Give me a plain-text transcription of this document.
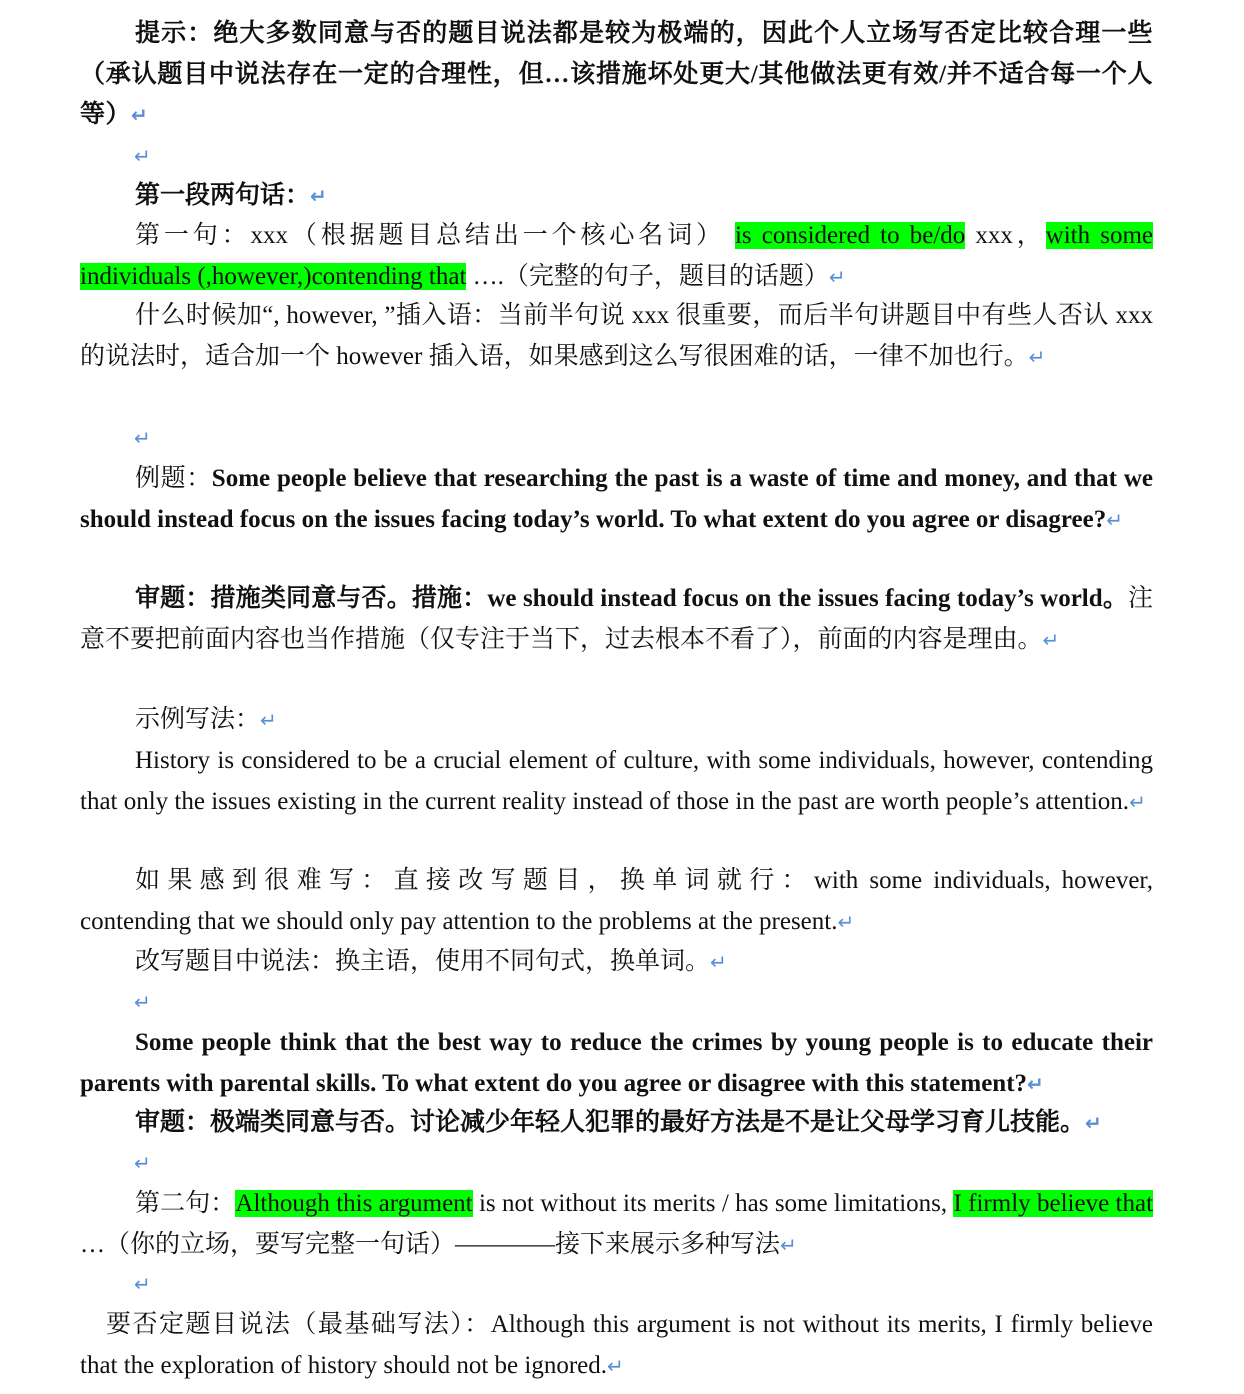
提示：绝大多数同意与否的题目说法都是较为极端的，因此个人立场写否定比较合理一些（承认题目中说法存在一定的合理性，但…该措施坏处更大/其他做法更有效/并不适合每一个人等）↵
↵
第一段两句话：↵
第一句：xxx（根据题目总结出一个核心名词） is considered to be/do xxx，with some individuals (,however,)contending that ….（完整的句子，题目的话题）↵
什么时候加“, however, ”插入语：当前半句说 xxx 很重要，而后半句讲题目中有些人否认 xxx 的说法时，适合加一个 however 插入语，如果感到这么写很困难的话，一律不加也行。↵
↵
例题：Some people believe that researching the past is a waste of time and money, and that we should instead focus on the issues facing today’s world. To what extent do you agree or disagree?↵
审题：措施类同意与否。措施：we should instead focus on the issues facing today’s world。注意不要把前面内容也当作措施（仅专注于当下，过去根本不看了），前面的内容是理由。↵
示例写法：↵
History is considered to be a crucial element of culture, with some individuals, however, contending that only the issues existing in the current reality instead of those in the past are worth people’s attention.↵
如果感到很难写：直接改写题目，换单词就行：with some individuals, however, contending that we should only pay attention to the problems at the present.↵
改写题目中说法：换主语，使用不同句式，换单词。↵
↵
Some people think that the best way to reduce the crimes by young people is to educate their parents with parental skills. To what extent do you agree or disagree with this statement?↵
审题：极端类同意与否。讨论减少年轻人犯罪的最好方法是不是让父母学习育儿技能。↵
↵
第二句：Although this argument is not without its merits / has some limitations, I firmly believe that …（你的立场，要写完整一句话）————接下来展示多种写法↵
↵
要否定题目说法（最基础写法）：Although this argument is not without its merits, I firmly believe that the exploration of history should not be ignored.↵
